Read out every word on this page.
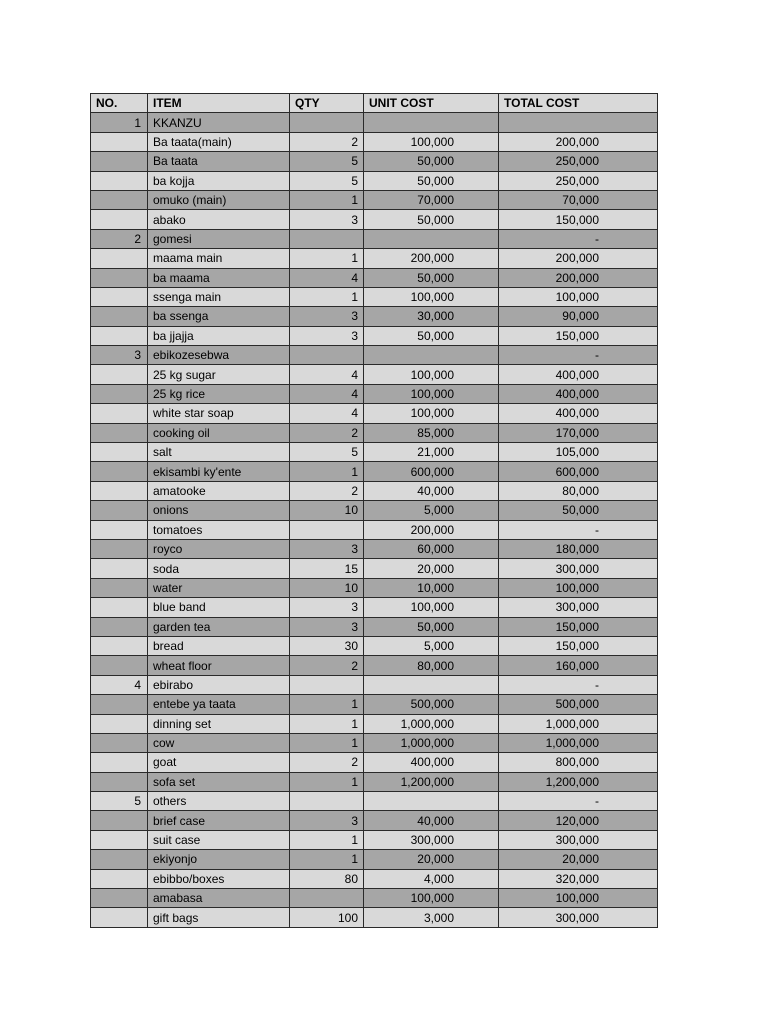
NO.	ITEM	QTY	UNIT COST	TOTAL COST
1	KKANZU			
	Ba taata(main)	2	100,000	200,000
	Ba taata	5	50,000	250,000
	ba kojja	5	50,000	250,000
	omuko (main)	1	70,000	70,000
	abako	3	50,000	150,000
2	gomesi			-
	maama main	1	200,000	200,000
	ba maama	4	50,000	200,000
	ssenga main	1	100,000	100,000
	ba ssenga	3	30,000	90,000
	ba jjajja	3	50,000	150,000
3	ebikozesebwa			-
	25 kg sugar	4	100,000	400,000
	25 kg rice	4	100,000	400,000
	white star soap	4	100,000	400,000
	cooking oil	2	85,000	170,000
	salt	5	21,000	105,000
	ekisambi ky'ente	1	600,000	600,000
	amatooke	2	40,000	80,000
	onions	10	5,000	50,000
	tomatoes		200,000	-
	royco	3	60,000	180,000
	soda	15	20,000	300,000
	water	10	10,000	100,000
	blue band	3	100,000	300,000
	garden tea	3	50,000	150,000
	bread	30	5,000	150,000
	wheat floor	2	80,000	160,000
4	ebirabo			-
	entebe ya taata	1	500,000	500,000
	dinning set	1	1,000,000	1,000,000
	cow	1	1,000,000	1,000,000
	goat	2	400,000	800,000
	sofa set	1	1,200,000	1,200,000
5	others			-
	brief case	3	40,000	120,000
	suit case	1	300,000	300,000
	ekiyonjo	1	20,000	20,000
	ebibbo/boxes	80	4,000	320,000
	amabasa		100,000	100,000
	gift bags	100	3,000	300,000
